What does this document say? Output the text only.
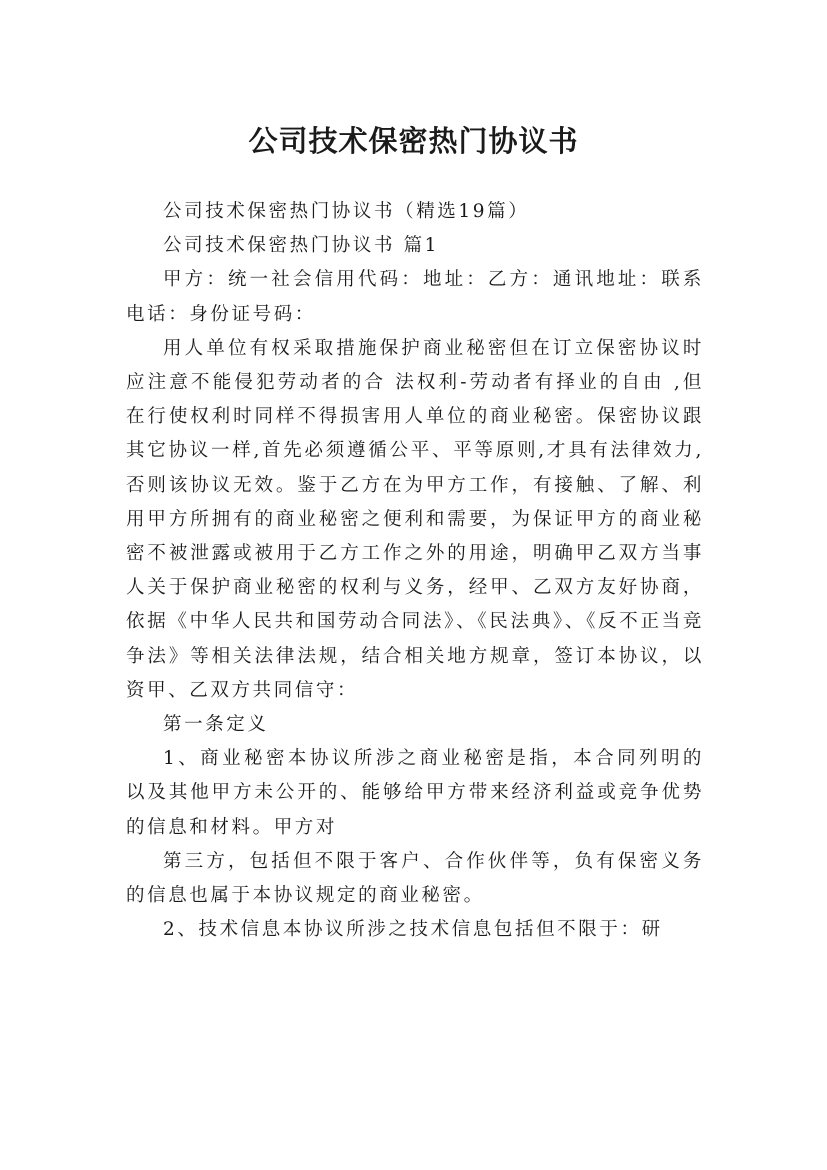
公司技术保密热门协议书

公司技术保密热门协议书（精选19篇）

公司技术保密热门协议书 篇1

甲方：统一社会信用代码：地址：乙方：通讯地址：联系电话：身份证号码：

用人单位有权采取措施保护商业秘密但在订立保密协议时应注意不能侵犯劳动者的合 法权利-劳动者有择业的自由 ,但在行使权利时同样不得损害用人单位的商业秘密。保密协议跟其它协议一样,首先必须遵循公平、平等原则,才具有法律效力,否则该协议无效。鉴于乙方在为甲方工作，有接触、了解、利用甲方所拥有的商业秘密之便利和需要，为保证甲方的商业秘密不被泄露或被用于乙方工作之外的用途，明确甲乙双方当事人关于保护商业秘密的权利与义务，经甲、乙双方友好协商，依据《中华人民共和国劳动合同法》、《民法典》、《反不正当竞争法》等相关法律法规，结合相关地方规章，签订本协议，以资甲、乙双方共同信守：

第一条定义

1、商业秘密本协议所涉之商业秘密是指，本合同列明的以及其他甲方未公开的、能够给甲方带来经济利益或竞争优势的信息和材料。甲方对

第三方，包括但不限于客户、合作伙伴等，负有保密义务的信息也属于本协议规定的商业秘密。

2、技术信息本协议所涉之技术信息包括但不限于：研
